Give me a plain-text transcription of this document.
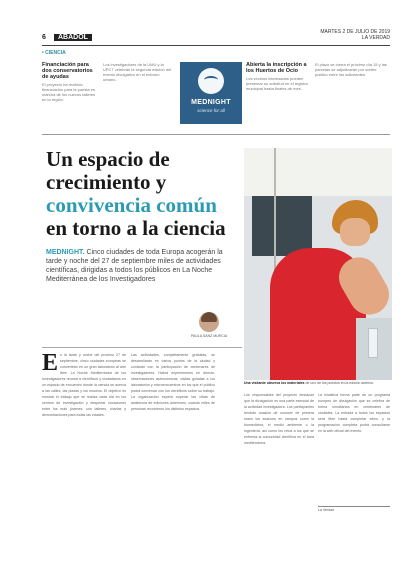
6	ABADOL
MARTES 2 DE JULIO DE 2019
LA VERDAD
• CIENCIA
Financiación para dos conservatorios de ayudas
El proyecto ha recibido financiación para la puesta en marcha de los nuevos talleres en la región.
Los investigadores de la UMU y la UPCT celebran la segunda edición del evento divulgativo en el entorno urbano.
MEDNIGHT
science for all
Abierta la inscripción a los Huertos de Ocio
Los vecinos interesados pueden presentar su solicitud en el registro municipal hasta finales de mes.
El plazo se cierra el próximo día 15 y las parcelas se adjudicarán por sorteo público entre los solicitantes.
Un espacio de
crecimiento y
convivencia común
en torno a la ciencia

MEDNIGHT. Cinco ciudades de toda Europa acogerán la tarde y noche del 27 de septiembre miles de actividades científicas, dirigidas a todos los públicos en La Noche Mediterránea de los Investigadores

PAULA SANZ MURCIA
Una visitante observa los materiales de uno de los puestos en la edición anterior.
E n la tarde y noche del próximo 27 de septiembre, cinco ciudades europeas se convertirán en un gran laboratorio al aire libre. La Noche Mediterránea de los Investigadores reunirá a científicos y ciudadanos en un espacio de encuentro donde la ciencia se acerca a las calles, las plazas y los museos. El objetivo es mostrar el trabajo que se realiza cada día en los centros de investigación y despertar vocaciones entre los más jóvenes, con talleres, charlas y demostraciones para todas las edades.

Las actividades, completamente gratuitas, se desarrollarán en varios puntos de la ciudad y contarán con la participación de centenares de investigadores. Habrá experimentos en directo, observaciones astronómicas, visitas guiadas a los laboratorios y microencuentros en los que el público podrá conversar con los científicos sobre su trabajo. La organización espera superar las cifras de asistencia de ediciones anteriores, cuando miles de personas recorrieron los distintos espacios.

Los responsables del proyecto destacan que la divulgación es una parte esencial de la actividad investigadora. Los participantes tendrán ocasión de conocer de primera mano los avances en campos como la biomedicina, el medio ambiente o la ingeniería, así como los retos a los que se enfrenta la comunidad científica en el área mediterránea.

La iniciativa forma parte de un programa europeo de divulgación que se celebra de forma simultánea en centenares de ciudades. La entrada a todos los espacios será libre hasta completar aforo, y la programación completa podrá consultarse en la web oficial del evento.

La Verdad
